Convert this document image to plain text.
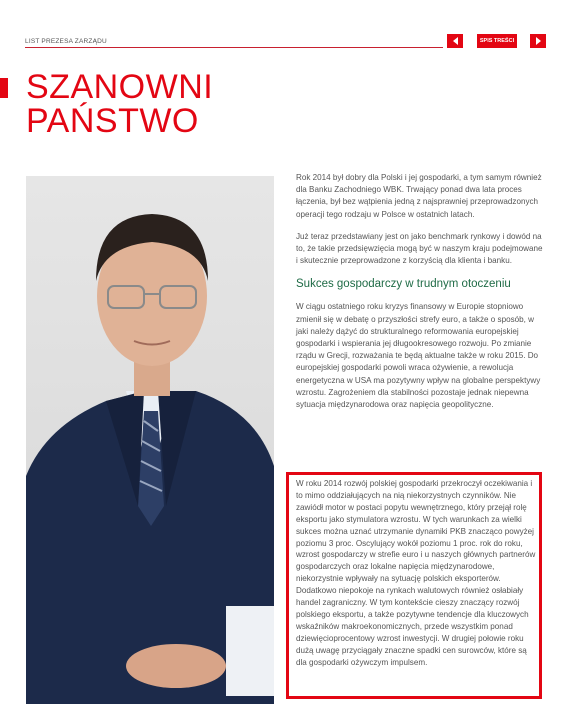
LIST PREZESA ZARZĄDU	SPIS TREŚCI
SZANOWNI
PAŃSTWO

Rok 2014 był dobry dla Polski i jej gospodarki, a tym samym również dla Banku Zachodniego WBK. Trwający ponad dwa lata proces łączenia, był bez wątpienia jedną z najsprawniej przeprowadzonych operacji tego rodzaju w Polsce w ostatnich latach.

Już teraz przedstawiany jest on jako benchmark rynkowy i dowód na to, że takie przedsięwzięcia mogą być w naszym kraju podejmowane i skutecznie przeprowadzone z korzyścią dla klienta i banku.

Sukces gospodarczy w trudnym otoczeniu

W ciągu ostatniego roku kryzys finansowy w Europie stopniowo zmienił się w debatę o przyszłości strefy euro, a także o sposób, w jaki należy dążyć do strukturalnego reformowania europejskiej gospodarki i wspierania jej długookresowego rozwoju. Po zmianie rządu w Grecji, rozważania te będą aktualne także w roku 2015. Do europejskiej gospodarki powoli wraca ożywienie, a rewolucja energetyczna w USA ma pozytywny wpływ na globalne perspektywy wzrostu. Zagrożeniem dla stabilności pozostaje jednak niepewna sytuacja międzynarodowa oraz napięcia geopolityczne.

W roku 2014 rozwój polskiej gospodarki przekroczył oczekiwania i to mimo oddziałujących na nią niekorzystnych czynników. Nie zawiódł motor w postaci popytu wewnętrznego, który przejął rolę eksportu jako stymulatora wzrostu. W tych warunkach za wielki sukces można uznać utrzymanie dynamiki PKB znacząco powyżej poziomu 3 proc. Oscylujący wokół poziomu 1 proc. rok do roku, wzrost gospodarczy w strefie euro i u naszych głównych partnerów gospodarczych oraz lokalne napięcia międzynarodowe, niekorzystnie wpływały na sytuację polskich eksporterów. Dodatkowo niepokoje na rynkach walutowych również osłabiały handel zagraniczny. W tym kontekście cieszy znaczący rozwój polskiego eksportu, a także pozytywne tendencje dla kluczowych wskaźników makroekonomicznych, przede wszystkim ponad dziewięcioprocentowy wzrost inwestycji. W drugiej połowie roku dużą uwagę przyciągały znaczne spadki cen surowców, które są dla gospodarki ożywczym impulsem.
